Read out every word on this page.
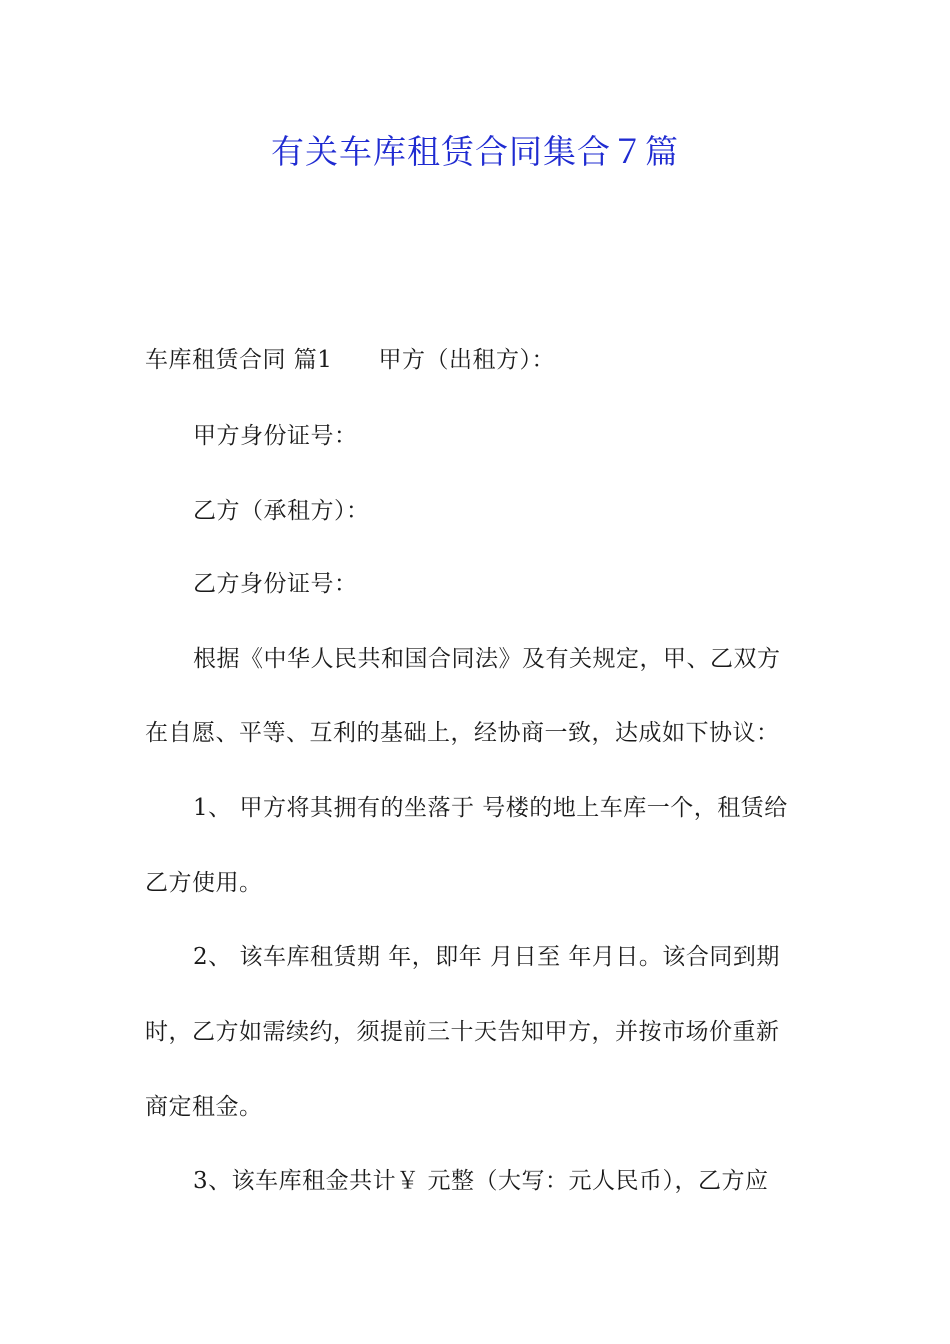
有关车库租赁合同集合７篇
车库租赁合同 篇1 甲方（出租方）：
甲方身份证号：
乙方（承租方）：
乙方身份证号：
根据《中华人民共和国合同法》及有关规定，甲、乙双方
在自愿、平等、互利的基础上，经协商一致，达成如下协议：
1、 甲方将其拥有的坐落于 号楼的地上车库一个，租赁给
乙方使用。
2、 该车库租赁期 年，即年 月日至 年月日。该合同到期
时，乙方如需续约，须提前三十天告知甲方，并按市场价重新
商定租金。
3、该车库租金共计￥ 元整（大写：元人民币），乙方应
